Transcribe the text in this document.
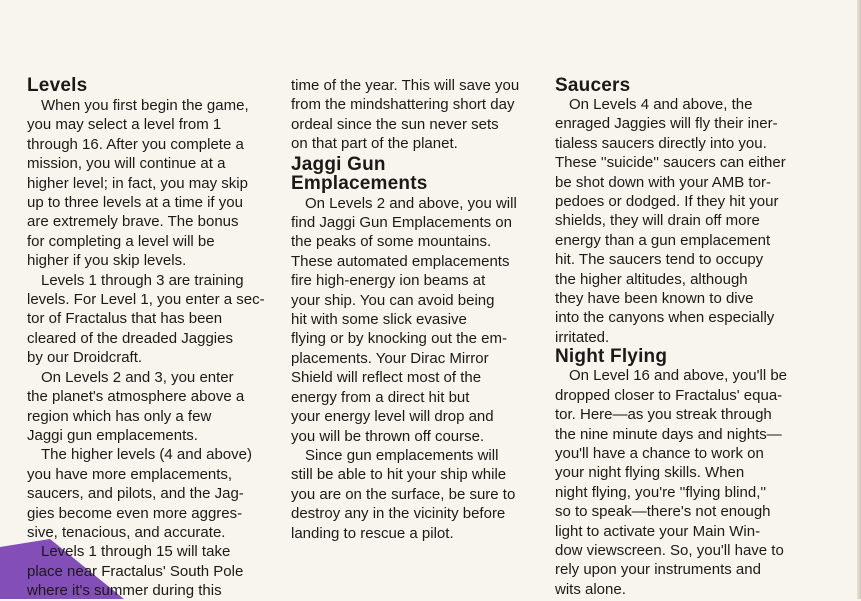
Levels
When you first begin the game,
you may select a level from 1
through 16. After you complete a
mission, you will continue at a
higher level; in fact, you may skip
up to three levels at a time if you
are extremely brave. The bonus
for completing a level will be
higher if you skip levels.
Levels 1 through 3 are training
levels. For Level 1, you enter a sec-
tor of Fractalus that has been
cleared of the dreaded Jaggies
by our Droidcraft.
On Levels 2 and 3, you enter
the planet's atmosphere above a
region which has only a few
Jaggi gun emplacements.
The higher levels (4 and above)
you have more emplacements,
saucers, and pilots, and the Jag-
gies become even more aggres-
sive, tenacious, and accurate.
Levels 1 through 15 will take
place near Fractalus' South Pole
where it's summer during this
time of the year. This will save you
from the mindshattering short day
ordeal since the sun never sets
on that part of the planet.
Jaggi Gun
Emplacements
On Levels 2 and above, you will
find Jaggi Gun Emplacements on
the peaks of some mountains.
These automated emplacements
fire high-energy ion beams at
your ship. You can avoid being
hit with some slick evasive
flying or by knocking out the em-
placements. Your Dirac Mirror
Shield will reflect most of the
energy from a direct hit but
your energy level will drop and
you will be thrown off course.
Since gun emplacements will
still be able to hit your ship while
you are on the surface, be sure to
destroy any in the vicinity before
landing to rescue a pilot.
Saucers
On Levels 4 and above, the
enraged Jaggies will fly their iner-
tialess saucers directly into you.
These ''suicide'' saucers can either
be shot down with your AMB tor-
pedoes or dodged. If they hit your
shields, they will drain off more
energy than a gun emplacement
hit. The saucers tend to occupy
the higher altitudes, although
they have been known to dive
into the canyons when especially
irritated.
Night Flying
On Level 16 and above, you'll be
dropped closer to Fractalus' equa-
tor. Here—as you streak through
the nine minute days and nights—
you'll have a chance to work on
your night flying skills. When
night flying, you're ''flying blind,''
so to speak—there's not enough
light to activate your Main Win-
dow viewscreen. So, you'll have to
rely upon your instruments and
wits alone.
